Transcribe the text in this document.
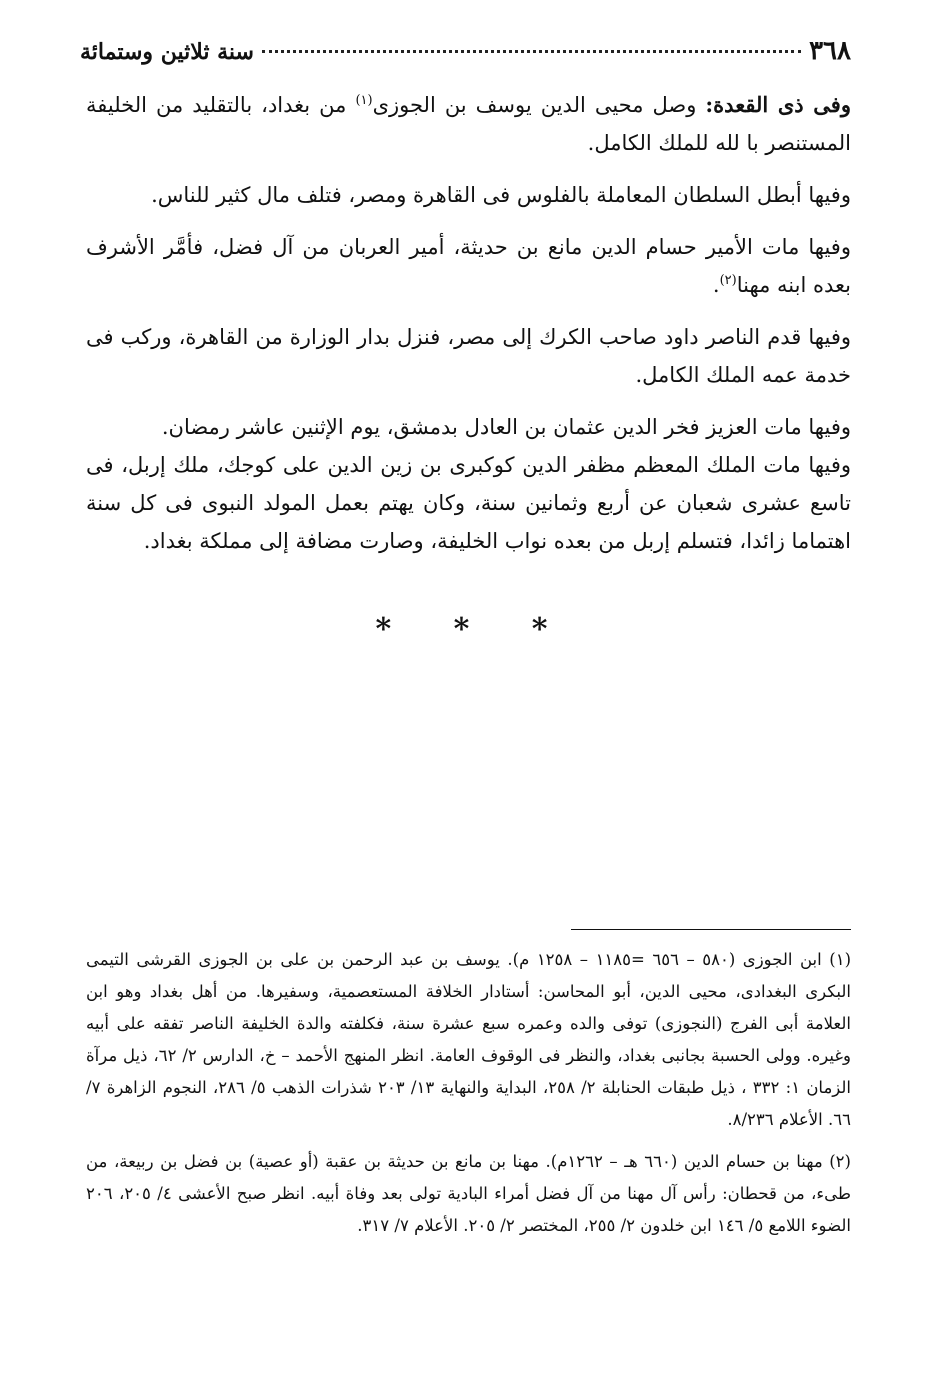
٣٦٨
سنة ثلاثين وستمائة

وفى ذى القعدة: وصل محيى الدين يوسف بن الجوزى$^{(١)}$ من بغداد، بالتقليد من الخليفة المستنصر با لله للملك الكامل.

وفيها أبطل السلطان المعاملة بالفلوس فى القاهرة ومصر، فتلف مال كثير للناس.

وفيها مات الأمير حسام الدين مانع بن حديثة، أمير العربان من آل فضل، فأمَّر الأشرف بعده ابنه مهنا$^{(٢)}$.

وفيها قدم الناصر داود صاحب الكرك إلى مصر، فنزل بدار الوزارة من القاهرة، وركب فى خدمة عمه الملك الكامل.

وفيها مات العزيز فخر الدين عثمان بن العادل بدمشق، يوم الإثنين عاشر رمضان.

وفيها مات الملك المعظم مظفر الدين كوكبرى بن زين الدين على كوجك، ملك إربل، فى تاسع عشرى شعبان عن أربع وثمانين سنة، وكان يهتم بعمل المولد النبوى فى كل سنة اهتماما زائدا، فتسلم إربل من بعده نواب الخليفة، وصارت مضافة إلى مملكة بغداد.

* * *

(١) ابن الجوزى (٥٨٠ – ٦٥٦ =١١٨٥ – ١٢٥٨ م). يوسف بن عبد الرحمن بن على بن الجوزى القرشى التيمى البكرى البغدادى، محيى الدين، أبو المحاسن: أستادار الخلافة المستعصمية، وسفيرها. من أهل بغداد وهو ابن العلامة أبى الفرج (النجوزى) توفى والده وعمره سبع عشرة سنة، فكلفته والدة الخليفة الناصر تفقه على أبيه وغيره. وولى الحسبة بجانبى بغداد، والنظر فى الوقوف العامة. انظر المنهج الأحمد – خ، الدارس ٢/ ٦٢، ذيل مرآة الزمان ١: ٣٣٢ ، ذيل طبقات الحنابلة ٢/ ٢٥٨، البداية والنهاية ١٣/ ٢٠٣ شذرات الذهب ٥/ ٢٨٦، النجوم الزاهرة ٧/ ٦٦. الأعلام ٨/٢٣٦.

(٢) مهنا بن حسام الدين (٦٦٠ هـ – ١٢٦٢م). مهنا بن مانع بن حديثة بن عقبة (أو عصية) بن فضل بن ربيعة، من طىء، من قحطان: رأس آل مهنا من آل فضل أمراء البادية تولى بعد وفاة أبيه. انظر صبح الأعشى ٤/ ٢٠٥، ٢٠٦ الضوء اللامع ٥/ ١٤٦ ابن خلدون ٢/ ٢٥٥، المختصر ٢/ ٢٠٥. الأعلام ٧/ ٣١٧.
